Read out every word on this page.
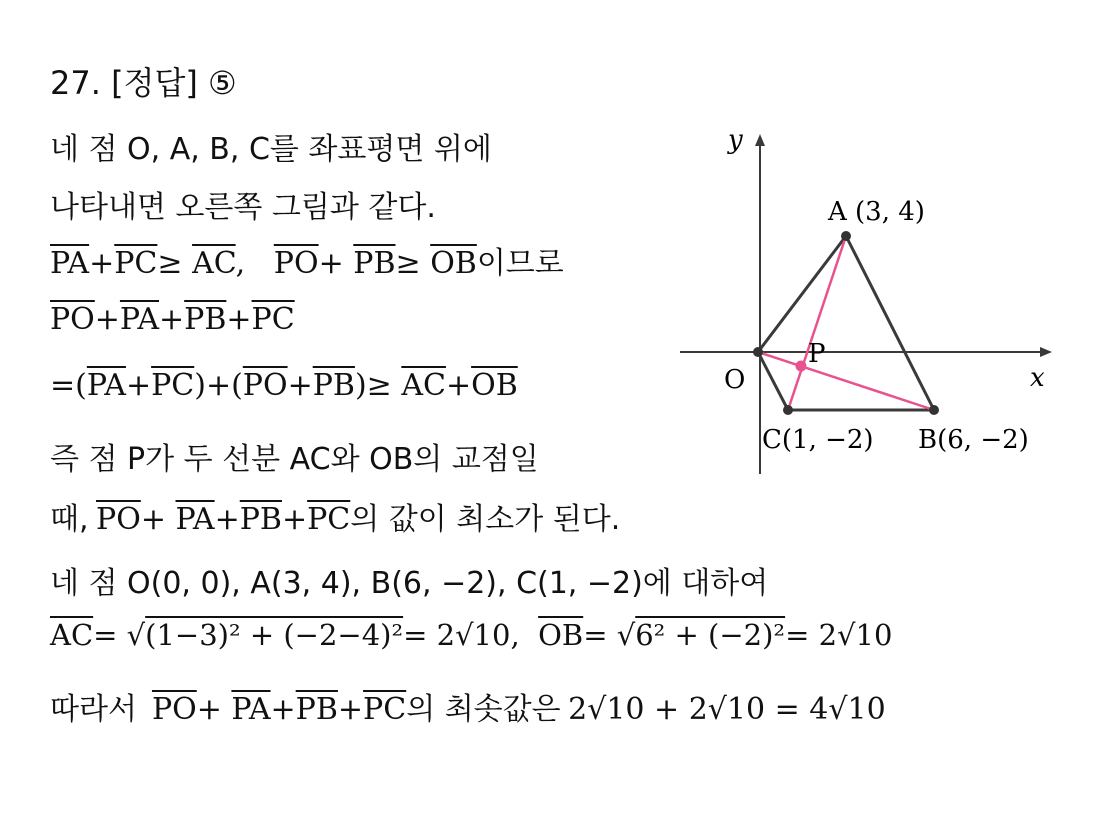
27. [정답] ⑤
네 점 O, A, B, C를 좌표평면 위에
나타내면 오른쪽 그림과 같다.
$\overline{PA}+\overline{PC}\ge \overline{AC}$,   $\overline{PO}+ \overline{PB}\ge \overline{OB}$이므로
$\overline{PO}+\overline{PA}+\overline{PB}+\overline{PC}$
$=(\overline{PA}+\overline{PC})+(\overline{PO}+\overline{PB})\ge \overline{AC}+\overline{OB}$
즉 점 P가 두 선분 AC와 OB의 교점일
때, $\overline{PO}+ \overline{PA}+\overline{PB}+\overline{PC}$의 값이 최소가 된다.
네 점 O(0, 0), A(3, 4), B(6, −2), C(1, −2)에 대하여
$\overline{AC}= √(1-3)^2 + (-2-4)^2= 2√10$, $\overline{OB}= √6^2 + (-2)^2= 2√10$
따라서 $\overline{PO}+ \overline{PA}+\overline{PB}+\overline{PC}$의 최솟값은 2√10 + 2√10 = 4√10
y
x
O
P
A (3, 4)
B(6, −2)
C(1, −2)
